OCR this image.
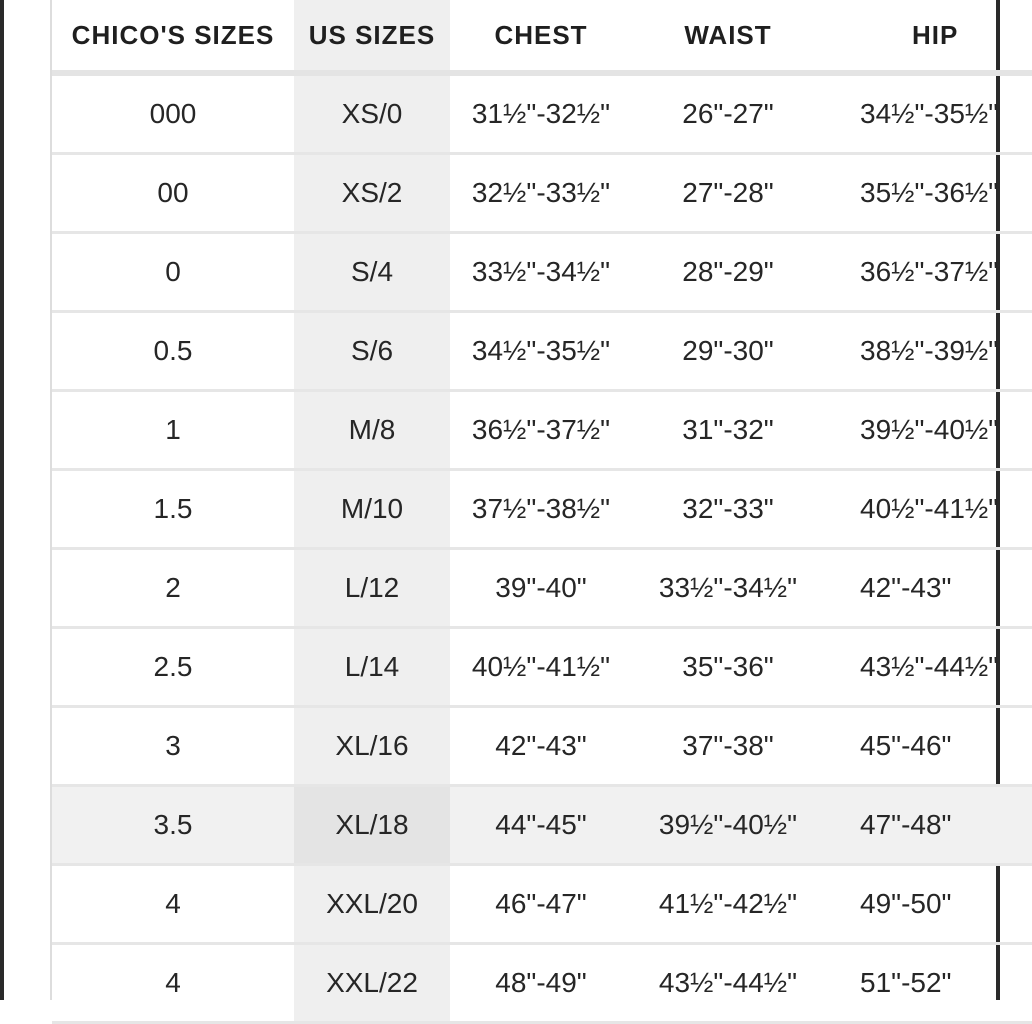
CHICO'S SIZES	US SIZES	CHEST	WAIST	HIP
000	XS/0	31½"-32½"	26"-27"	34½"-35½"
00	XS/2	32½"-33½"	27"-28"	35½"-36½"
0	S/4	33½"-34½"	28"-29"	36½"-37½"
0.5	S/6	34½"-35½"	29"-30"	38½"-39½"
1	M/8	36½"-37½"	31"-32"	39½"-40½"
1.5	M/10	37½"-38½"	32"-33"	40½"-41½"
2	L/12	39"-40"	33½"-34½"	42"-43"
2.5	L/14	40½"-41½"	35"-36"	43½"-44½"
3	XL/16	42"-43"	37"-38"	45"-46"
3.5	XL/18	44"-45"	39½"-40½"	47"-48"
4	XXL/20	46"-47"	41½"-42½"	49"-50"
4	XXL/22	48"-49"	43½"-44½"	51"-52"
